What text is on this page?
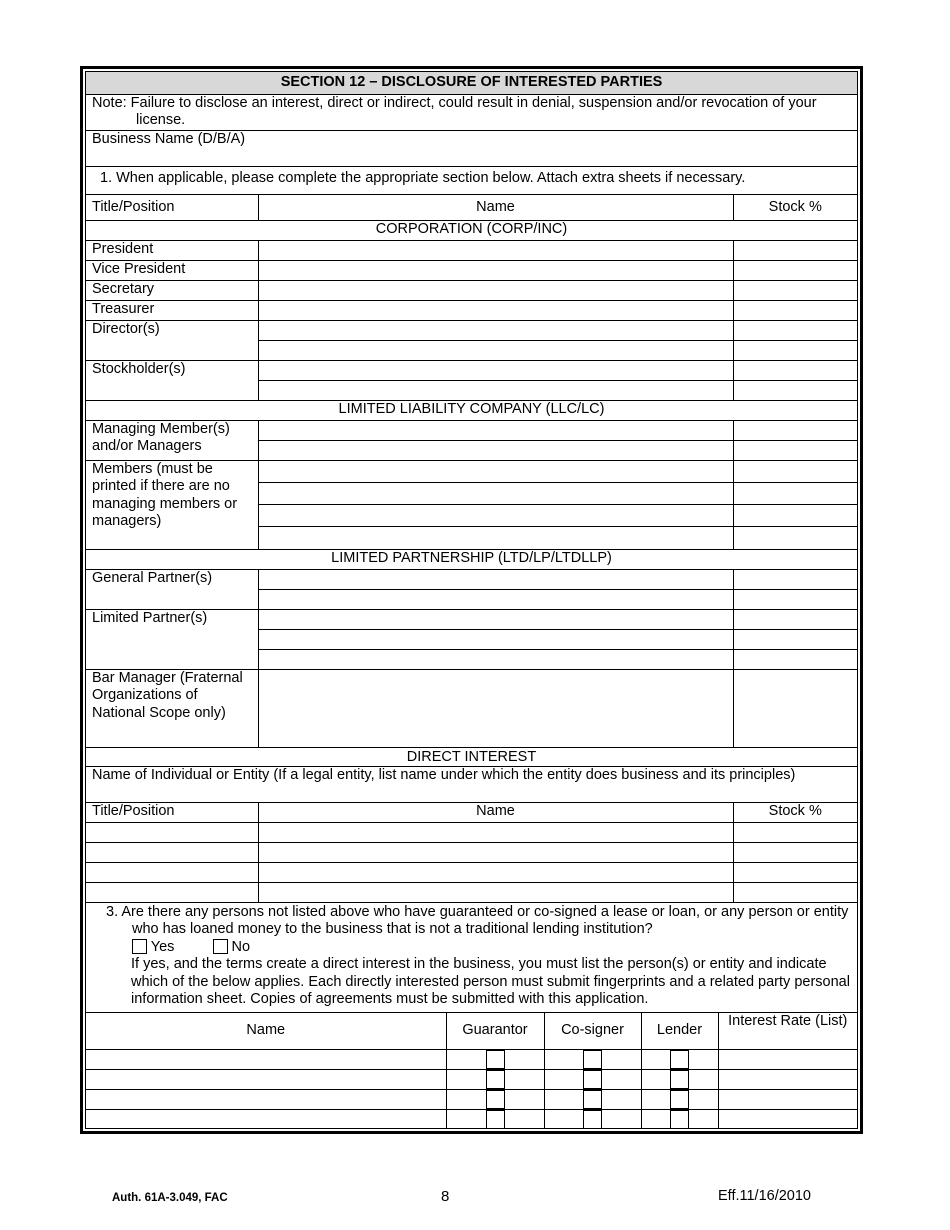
SECTION 12 – DISCLOSURE OF INTERESTED PARTIES		
Note: Failure to disclose an interest, direct or indirect, could result in denial, suspension and/or revocation of your license.		
Business Name (D/B/A)		
1. When applicable, please complete the appropriate section below. Attach extra sheets if necessary.		
Title/Position	Name	Stock %
CORPORATION (CORP/INC)		
President		
Vice President		
Secretary		
Treasurer		
Director(s)		

Stockholder(s)		

LIMITED LIABILITY COMPANY (LLC/LC)		
Managing Member(s) and/or Managers		

Members (must be printed if there are no managing members or managers)		

LIMITED PARTNERSHIP (LTD/LP/LTDLLP)		
General Partner(s)		

Limited Partner(s)		

Bar Manager (Fraternal Organizations of National Scope only)		
DIRECT INTEREST		
Name of Individual or Entity (If a legal entity, list name under which the entity does business and its principles)		
Title/Position	Name	Stock %

3. Are there any persons not listed above who have guaranteed or co-signed a lease or loan, or any person or entity who has loaned money to the business that is not a traditional lending institution?
Yes	No
If yes, and the terms create a direct interest in the business, you must list the person(s) or entity and indicate which of the below applies. Each directly interested person must submit fingerprints and a related party personal information sheet. Copies of agreements must be submitted with this application.
Name	Guarantor	Co-signer	Lender	Interest Rate (List)

Auth. 61A-3.049, FAC	8	Eff.11/16/2010
